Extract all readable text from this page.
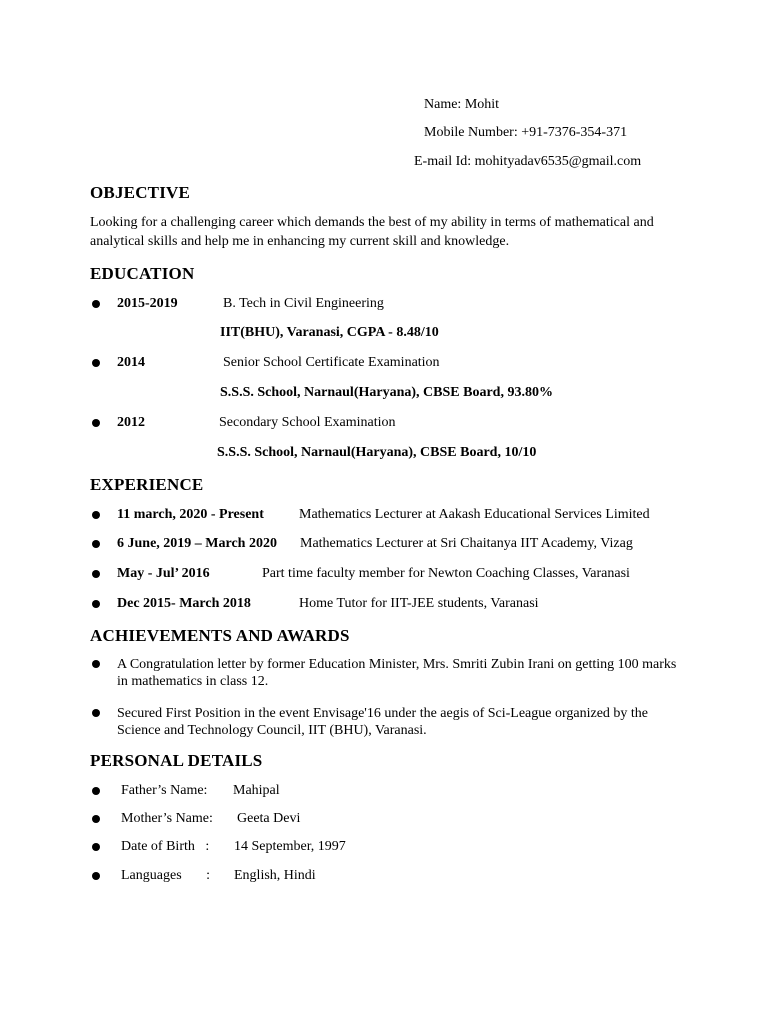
Name: Mohit
Mobile Number: +91-7376-354-371
E-mail Id: mohityadav6535@gmail.com
OBJECTIVE
Looking for a challenging career which demands the best of my ability in terms of mathematical and analytical skills and help me in enhancing my current skill and knowledge.
EDUCATION
2015-2019	B. Tech in Civil Engineering
IIT(BHU), Varanasi, CGPA - 8.48/10
2014	Senior School Certificate Examination
S.S.S. School, Narnaul(Haryana), CBSE Board, 93.80%
2012	Secondary School Examination
S.S.S. School, Narnaul(Haryana), CBSE Board, 10/10
EXPERIENCE
11 march, 2020 - Present	Mathematics Lecturer at Aakash Educational Services Limited
6 June, 2019 – March 2020 Mathematics Lecturer at Sri Chaitanya IIT Academy, Vizag
May - Jul’ 2016	Part time faculty member for Newton Coaching Classes, Varanasi
Dec 2015- March 2018	Home Tutor for IIT-JEE students, Varanasi
ACHIEVEMENTS AND AWARDS
A Congratulation letter by former Education Minister, Mrs. Smriti Zubin Irani on getting 100 marks in mathematics in class 12.
Secured First Position in the event Envisage'16 under the aegis of Sci-League organized by the Science and Technology Council, IIT (BHU), Varanasi.
PERSONAL DETAILS
Father’s Name: Mahipal
Mother’s Name: Geeta Devi
Date of Birth   : 14 September, 1997
Languages       : English, Hindi
